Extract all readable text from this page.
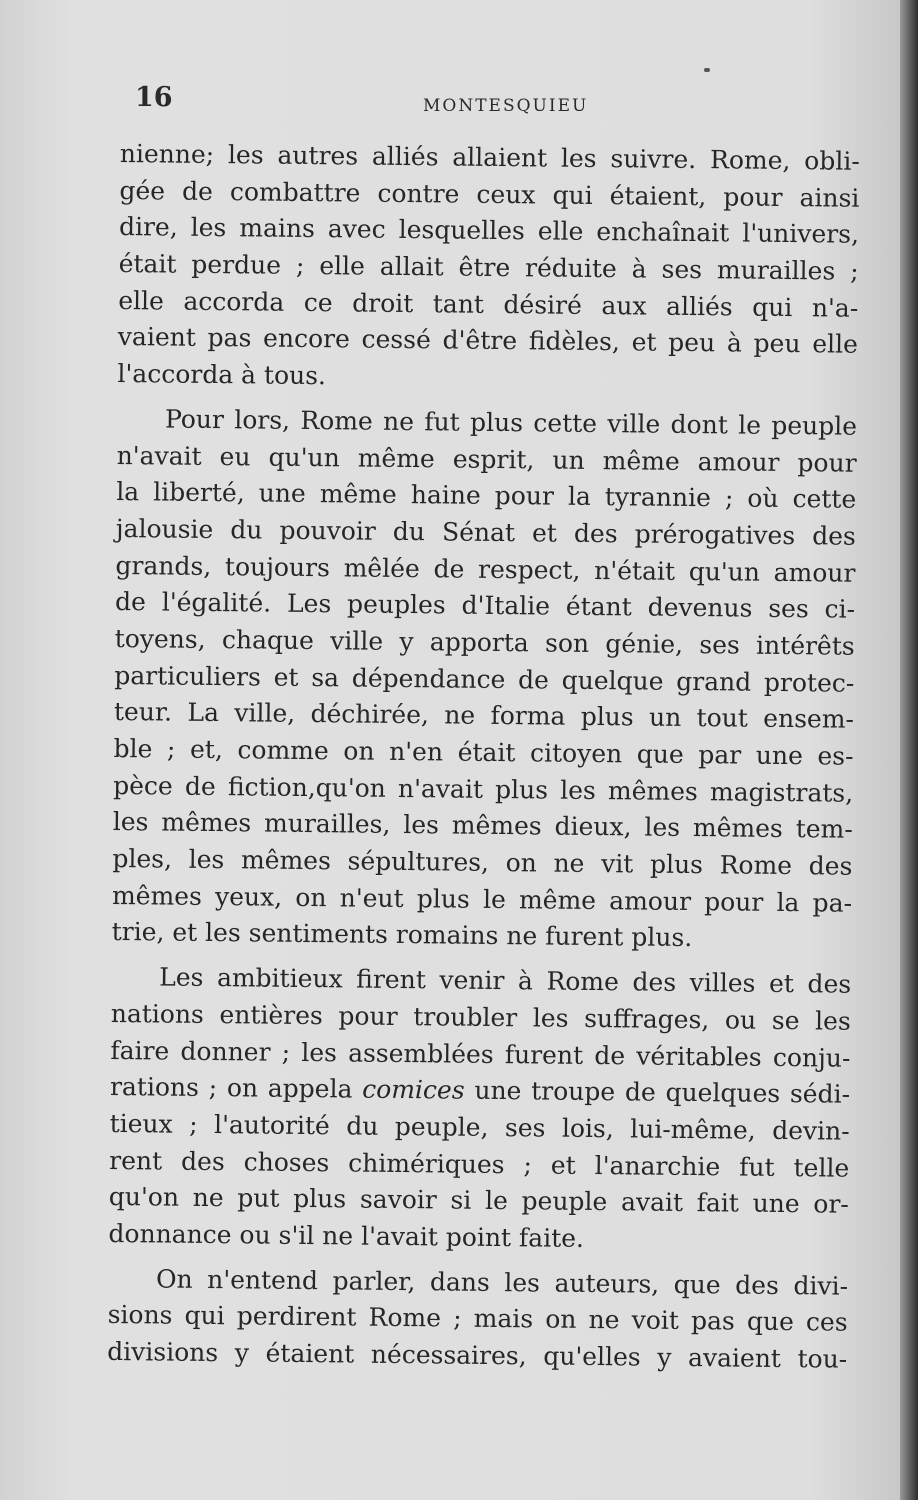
16	MONTESQUIEU
nienne; les autres alliés allaient les suivre. Rome, obli-
gée de combattre contre ceux qui étaient, pour ainsi
dire, les mains avec lesquelles elle enchaînait l'univers,
était perdue ; elle allait être réduite à ses murailles ;
elle accorda ce droit tant désiré aux alliés qui n'a-
vaient pas encore cessé d'être fidèles, et peu à peu elle
l'accorda à tous.
Pour lors, Rome ne fut plus cette ville dont le peuple
n'avait eu qu'un même esprit, un même amour pour
la liberté, une même haine pour la tyrannie ; où cette
jalousie du pouvoir du Sénat et des prérogatives des
grands, toujours mêlée de respect, n'était qu'un amour
de l'égalité. Les peuples d'Italie étant devenus ses ci-
toyens, chaque ville y apporta son génie, ses intérêts
particuliers et sa dépendance de quelque grand protec-
teur. La ville, déchirée, ne forma plus un tout ensem-
ble ; et, comme on n'en était citoyen que par une es-
pèce de fiction,qu'on n'avait plus les mêmes magistrats,
les mêmes murailles, les mêmes dieux, les mêmes tem-
ples, les mêmes sépultures, on ne vit plus Rome des
mêmes yeux, on n'eut plus le même amour pour la pa-
trie, et les sentiments romains ne furent plus.
Les ambitieux firent venir à Rome des villes et des
nations entières pour troubler les suffrages, ou se les
faire donner ; les assemblées furent de véritables conju-
rations ; on appela comices une troupe de quelques sédi-
tieux ; l'autorité du peuple, ses lois, lui-même, devin-
rent des choses chimériques ; et l'anarchie fut telle
qu'on ne put plus savoir si le peuple avait fait une or-
donnance ou s'il ne l'avait point faite.
On n'entend parler, dans les auteurs, que des divi-
sions qui perdirent Rome ; mais on ne voit pas que ces
divisions y étaient nécessaires, qu'elles y avaient tou-
